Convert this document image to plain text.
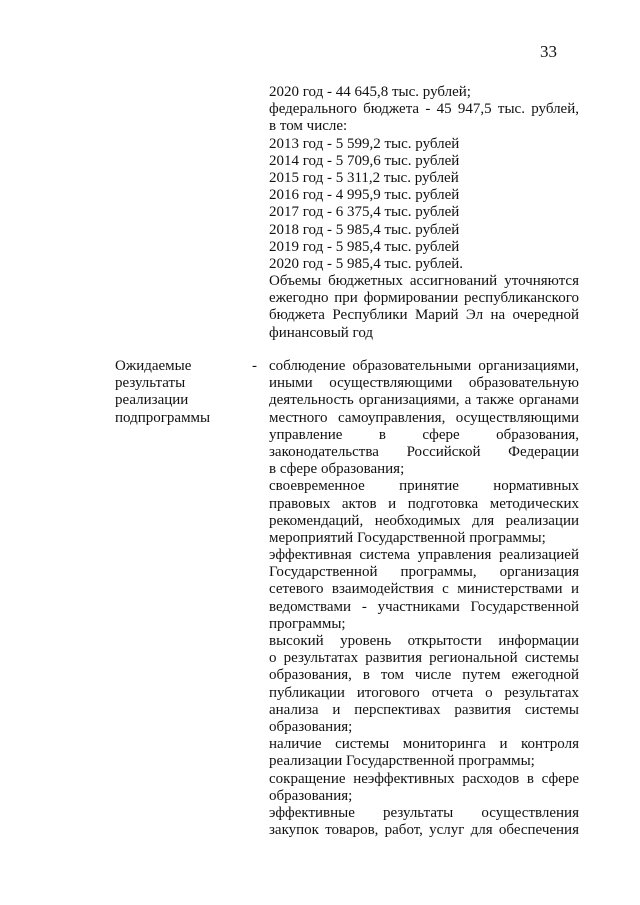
33
2020 год - 44 645,8 тыс. рублей;
федерального бюджета - 45 947,5 тыс. рублей,
в том числе:
2013 год - 5 599,2 тыс. рублей
2014 год - 5 709,6 тыс. рублей
2015 год - 5 311,2 тыс. рублей
2016 год - 4 995,9 тыс. рублей
2017 год - 6 375,4 тыс. рублей
2018 год - 5 985,4 тыс. рублей
2019 год - 5 985,4 тыс. рублей
2020 год - 5 985,4 тыс. рублей.
Объемы бюджетных ассигнований уточняются
ежегодно при формировании республиканского
бюджета Республики Марий Эл на очередной
финансовый год
Ожидаемые
результаты
реализации
подпрограммы
- соблюдение образовательными организациями,
иными осуществляющими образовательную
деятельность организациями, а также органами
местного самоуправления, осуществляющими
управление в сфере образования,
законодательства Российской Федерации
в сфере образования;
своевременное принятие нормативных
правовых актов и подготовка методических
рекомендаций, необходимых для реализации
мероприятий Государственной программы;
эффективная система управления реализацией
Государственной программы, организация
сетевого взаимодействия с министерствами и
ведомствами - участниками Государственной
программы;
высокий уровень открытости информации
о результатах развития региональной системы
образования, в том числе путем ежегодной
публикации итогового отчета о результатах
анализа и перспективах развития системы
образования;
наличие системы мониторинга и контроля
реализации Государственной программы;
сокращение неэффективных расходов в сфере
образования;
эффективные результаты осуществления
закупок товаров, работ, услуг для обеспечения
